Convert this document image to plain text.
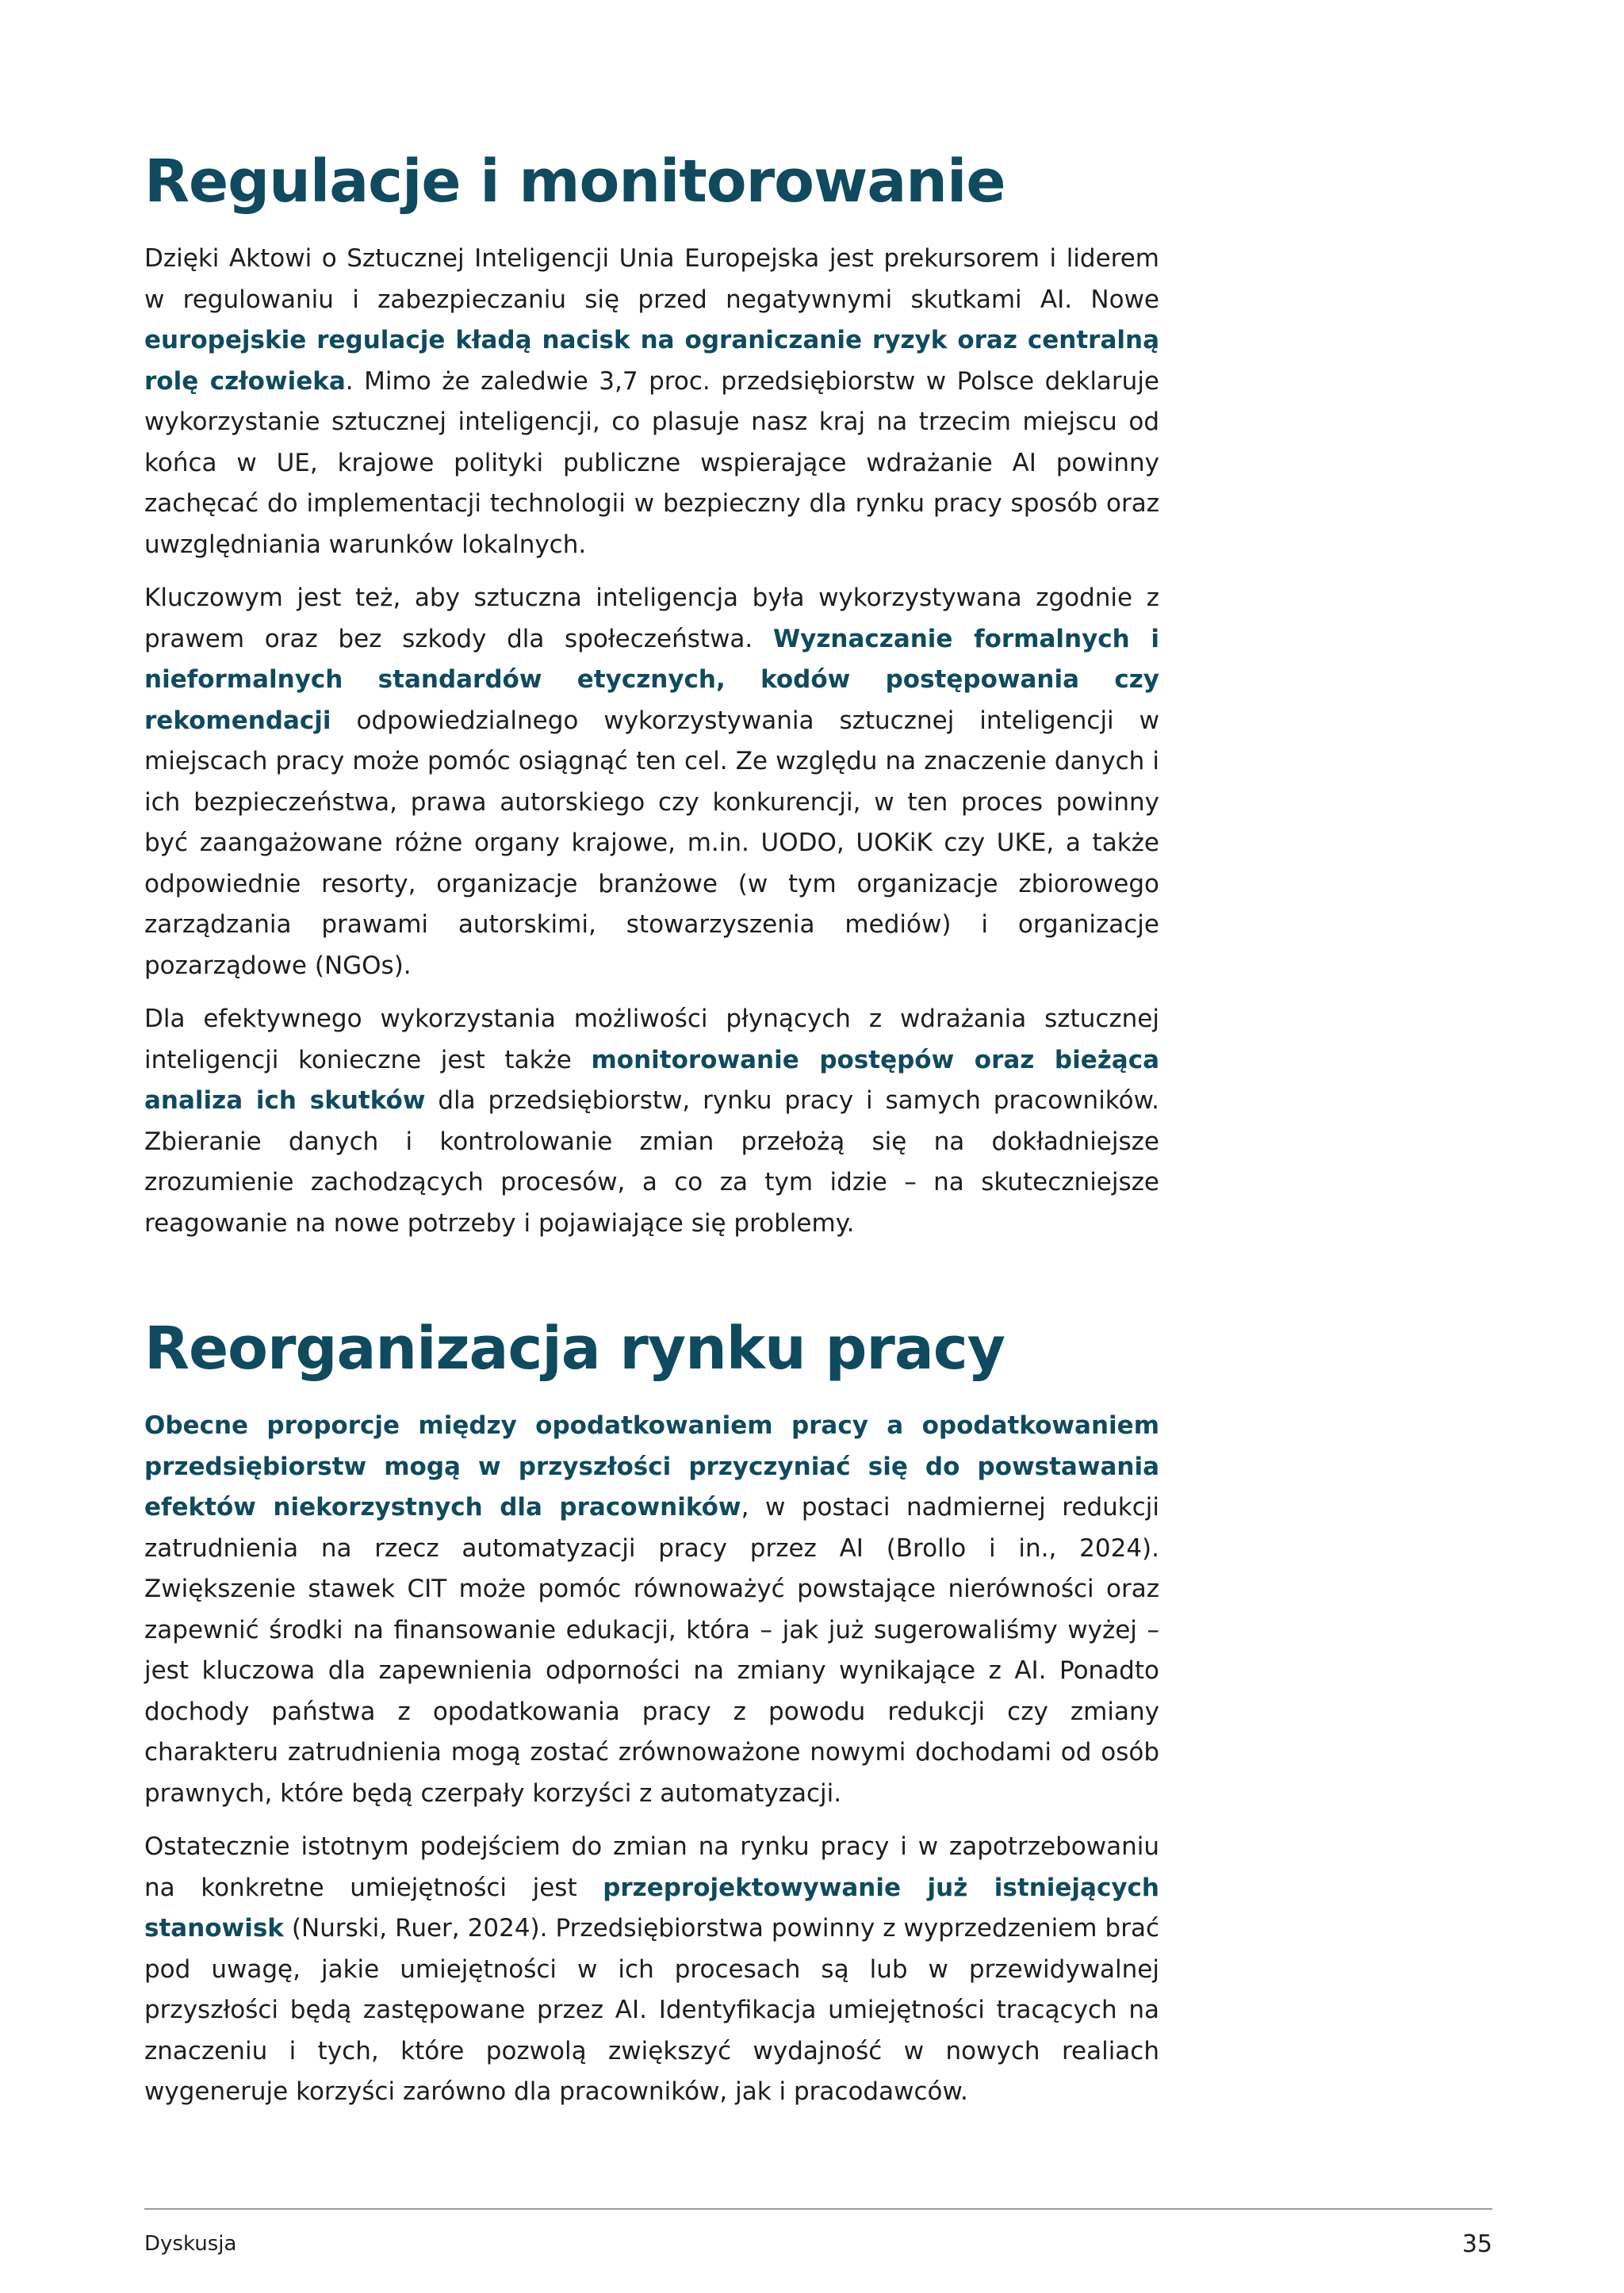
Regulacje i monitorowanie

Dzięki Aktowi o Sztucznej Inteligencji Unia Europejska jest prekursorem i liderem w regulowaniu i zabezpieczaniu się przed negatywnymi skutkami AI. Nowe europejskie regulacje kładą nacisk na ograniczanie ryzyk oraz centralną rolę człowieka. Mimo że zaledwie 3,7 proc. przedsiębiorstw w Polsce deklaruje wykorzystanie sztucznej inteligencji, co plasuje nasz kraj na trzecim miejscu od końca w UE, krajowe polityki publiczne wspierające wdrażanie AI powinny zachęcać do implementacji technologii w bezpieczny dla rynku pracy sposób oraz uwzględniania warunków lokalnych.

Kluczowym jest też, aby sztuczna inteligencja była wykorzystywana zgodnie z prawem oraz bez szkody dla społeczeństwa. Wyznaczanie formalnych i nieformalnych standardów etycznych, kodów postępowania czy rekomendacji odpowiedzialnego wykorzystywania sztucznej inteligencji w miejscach pracy może pomóc osiągnąć ten cel. Ze względu na znaczenie danych i ich bezpieczeństwa, prawa autorskiego czy konkurencji, w ten proces powinny być zaangażowane różne organy krajowe, m.in. UODO, UOKiK czy UKE, a także odpowiednie resorty, organizacje branżowe (w tym organizacje zbiorowego zarządzania prawami autorskimi, stowarzyszenia mediów) i organizacje pozarządowe (NGOs).

Dla efektywnego wykorzystania możliwości płynących z wdrażania sztucznej inteligencji konieczne jest także monitorowanie postępów oraz bieżąca analiza ich skutków dla przedsiębiorstw, rynku pracy i samych pracowników. Zbieranie danych i kontrolowanie zmian przełożą się na dokładniejsze zrozumienie zachodzących procesów, a co za tym idzie – na skuteczniejsze reagowanie na nowe potrzeby i pojawiające się problemy.

Reorganizacja rynku pracy

Obecne proporcje między opodatkowaniem pracy a opodatkowaniem przedsiębiorstw mogą w przyszłości przyczyniać się do powstawania efektów niekorzystnych dla pracowników, w postaci nadmiernej redukcji zatrudnienia na rzecz automatyzacji pracy przez AI (Brollo i in., 2024). Zwiększenie stawek CIT może pomóc równoważyć powstające nierówności oraz zapewnić środki na finansowanie edukacji, która – jak już sugerowaliśmy wyżej – jest kluczowa dla zapewnienia odporności na zmiany wynikające z AI. Ponadto dochody państwa z opodatkowania pracy z powodu redukcji czy zmiany charakteru zatrudnienia mogą zostać zrównoważone nowymi dochodami od osób prawnych, które będą czerpały korzyści z automatyzacji.

Ostatecznie istotnym podejściem do zmian na rynku pracy i w zapotrzebowaniu na konkretne umiejętności jest przeprojektowywanie już istniejących stanowisk (Nurski, Ruer, 2024). Przedsiębiorstwa powinny z wyprzedzeniem brać pod uwagę, jakie umiejętności w ich procesach są lub w przewidywalnej przyszłości będą zastępowane przez AI. Identyfikacja umiejętności tracących na znaczeniu i tych, które pozwolą zwiększyć wydajność w nowych realiach wygeneruje korzyści zarówno dla pracowników, jak i pracodawców.

Dyskusja	35
